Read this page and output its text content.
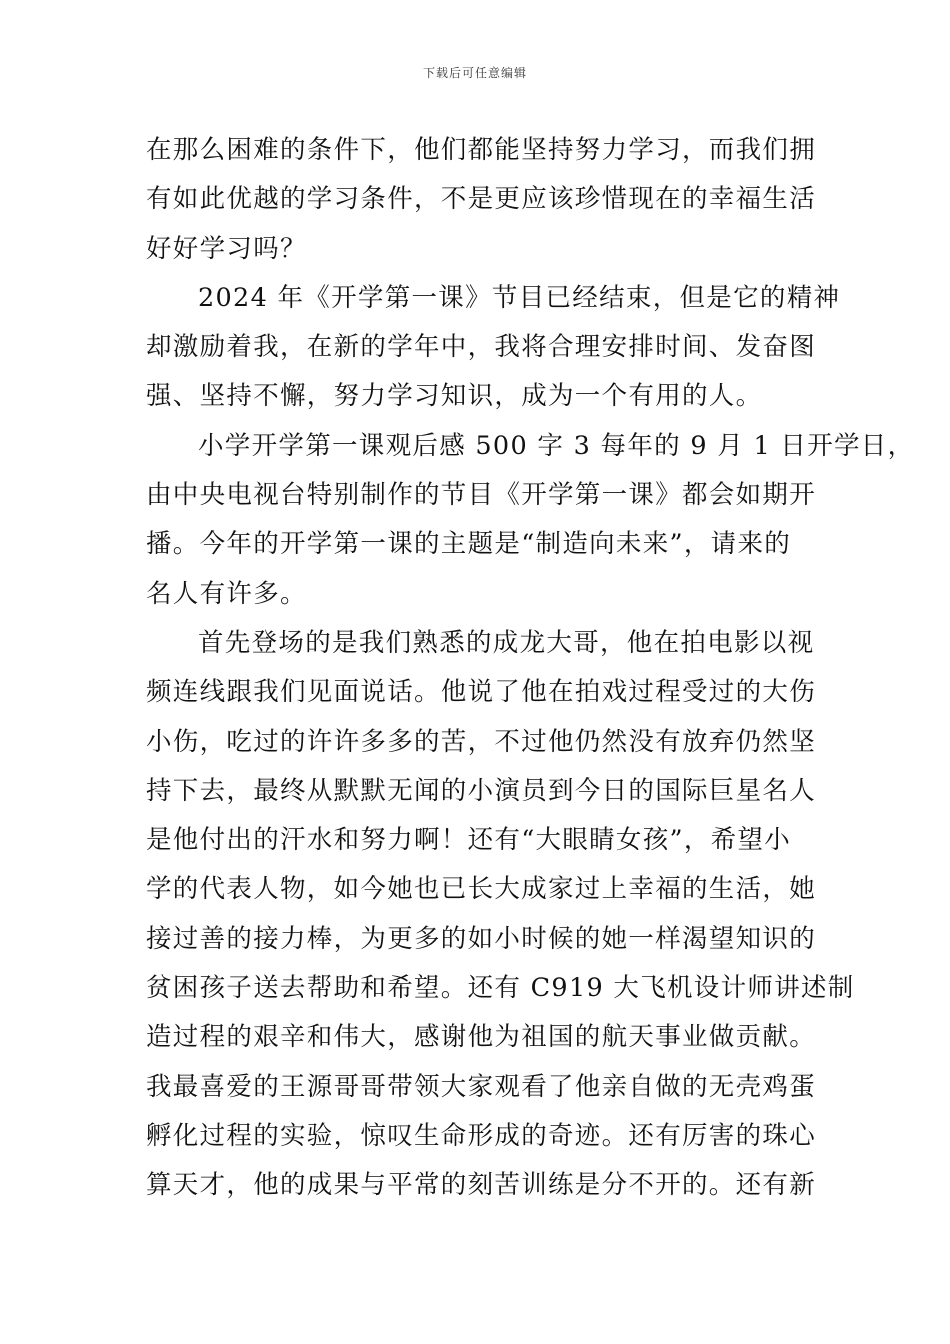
下载后可任意编辑
在那么困难的条件下，他们都能坚持努力学习，而我们拥
有如此优越的学习条件，不是更应该珍惜现在的幸福生活
好好学习吗？
2024 年《开学第一课》节目已经结束，但是它的精神
却激励着我，在新的学年中，我将合理安排时间、发奋图
强、坚持不懈，努力学习知识，成为一个有用的人。
小学开学第一课观后感 500 字 3 每年的 9 月 1 日开学日，
由中央电视台特别制作的节目《开学第一课》都会如期开
播。今年的开学第一课的主题是“制造向未来”，请来的
名人有许多。
首先登场的是我们熟悉的成龙大哥，他在拍电影以视
频连线跟我们见面说话。他说了他在拍戏过程受过的大伤
小伤，吃过的许许多多的苦，不过他仍然没有放弃仍然坚
持下去，最终从默默无闻的小演员到今日的国际巨星名人
是他付出的汗水和努力啊！还有“大眼睛女孩”，希望小
学的代表人物，如今她也已长大成家过上幸福的生活，她
接过善的接力棒，为更多的如小时候的她一样渴望知识的
贫困孩子送去帮助和希望。还有 C919 大飞机设计师讲述制
造过程的艰辛和伟大，感谢他为祖国的航天事业做贡献。
我最喜爱的王源哥哥带领大家观看了他亲自做的无壳鸡蛋
孵化过程的实验，惊叹生命形成的奇迹。还有厉害的珠心
算天才，他的成果与平常的刻苦训练是分不开的。还有新
